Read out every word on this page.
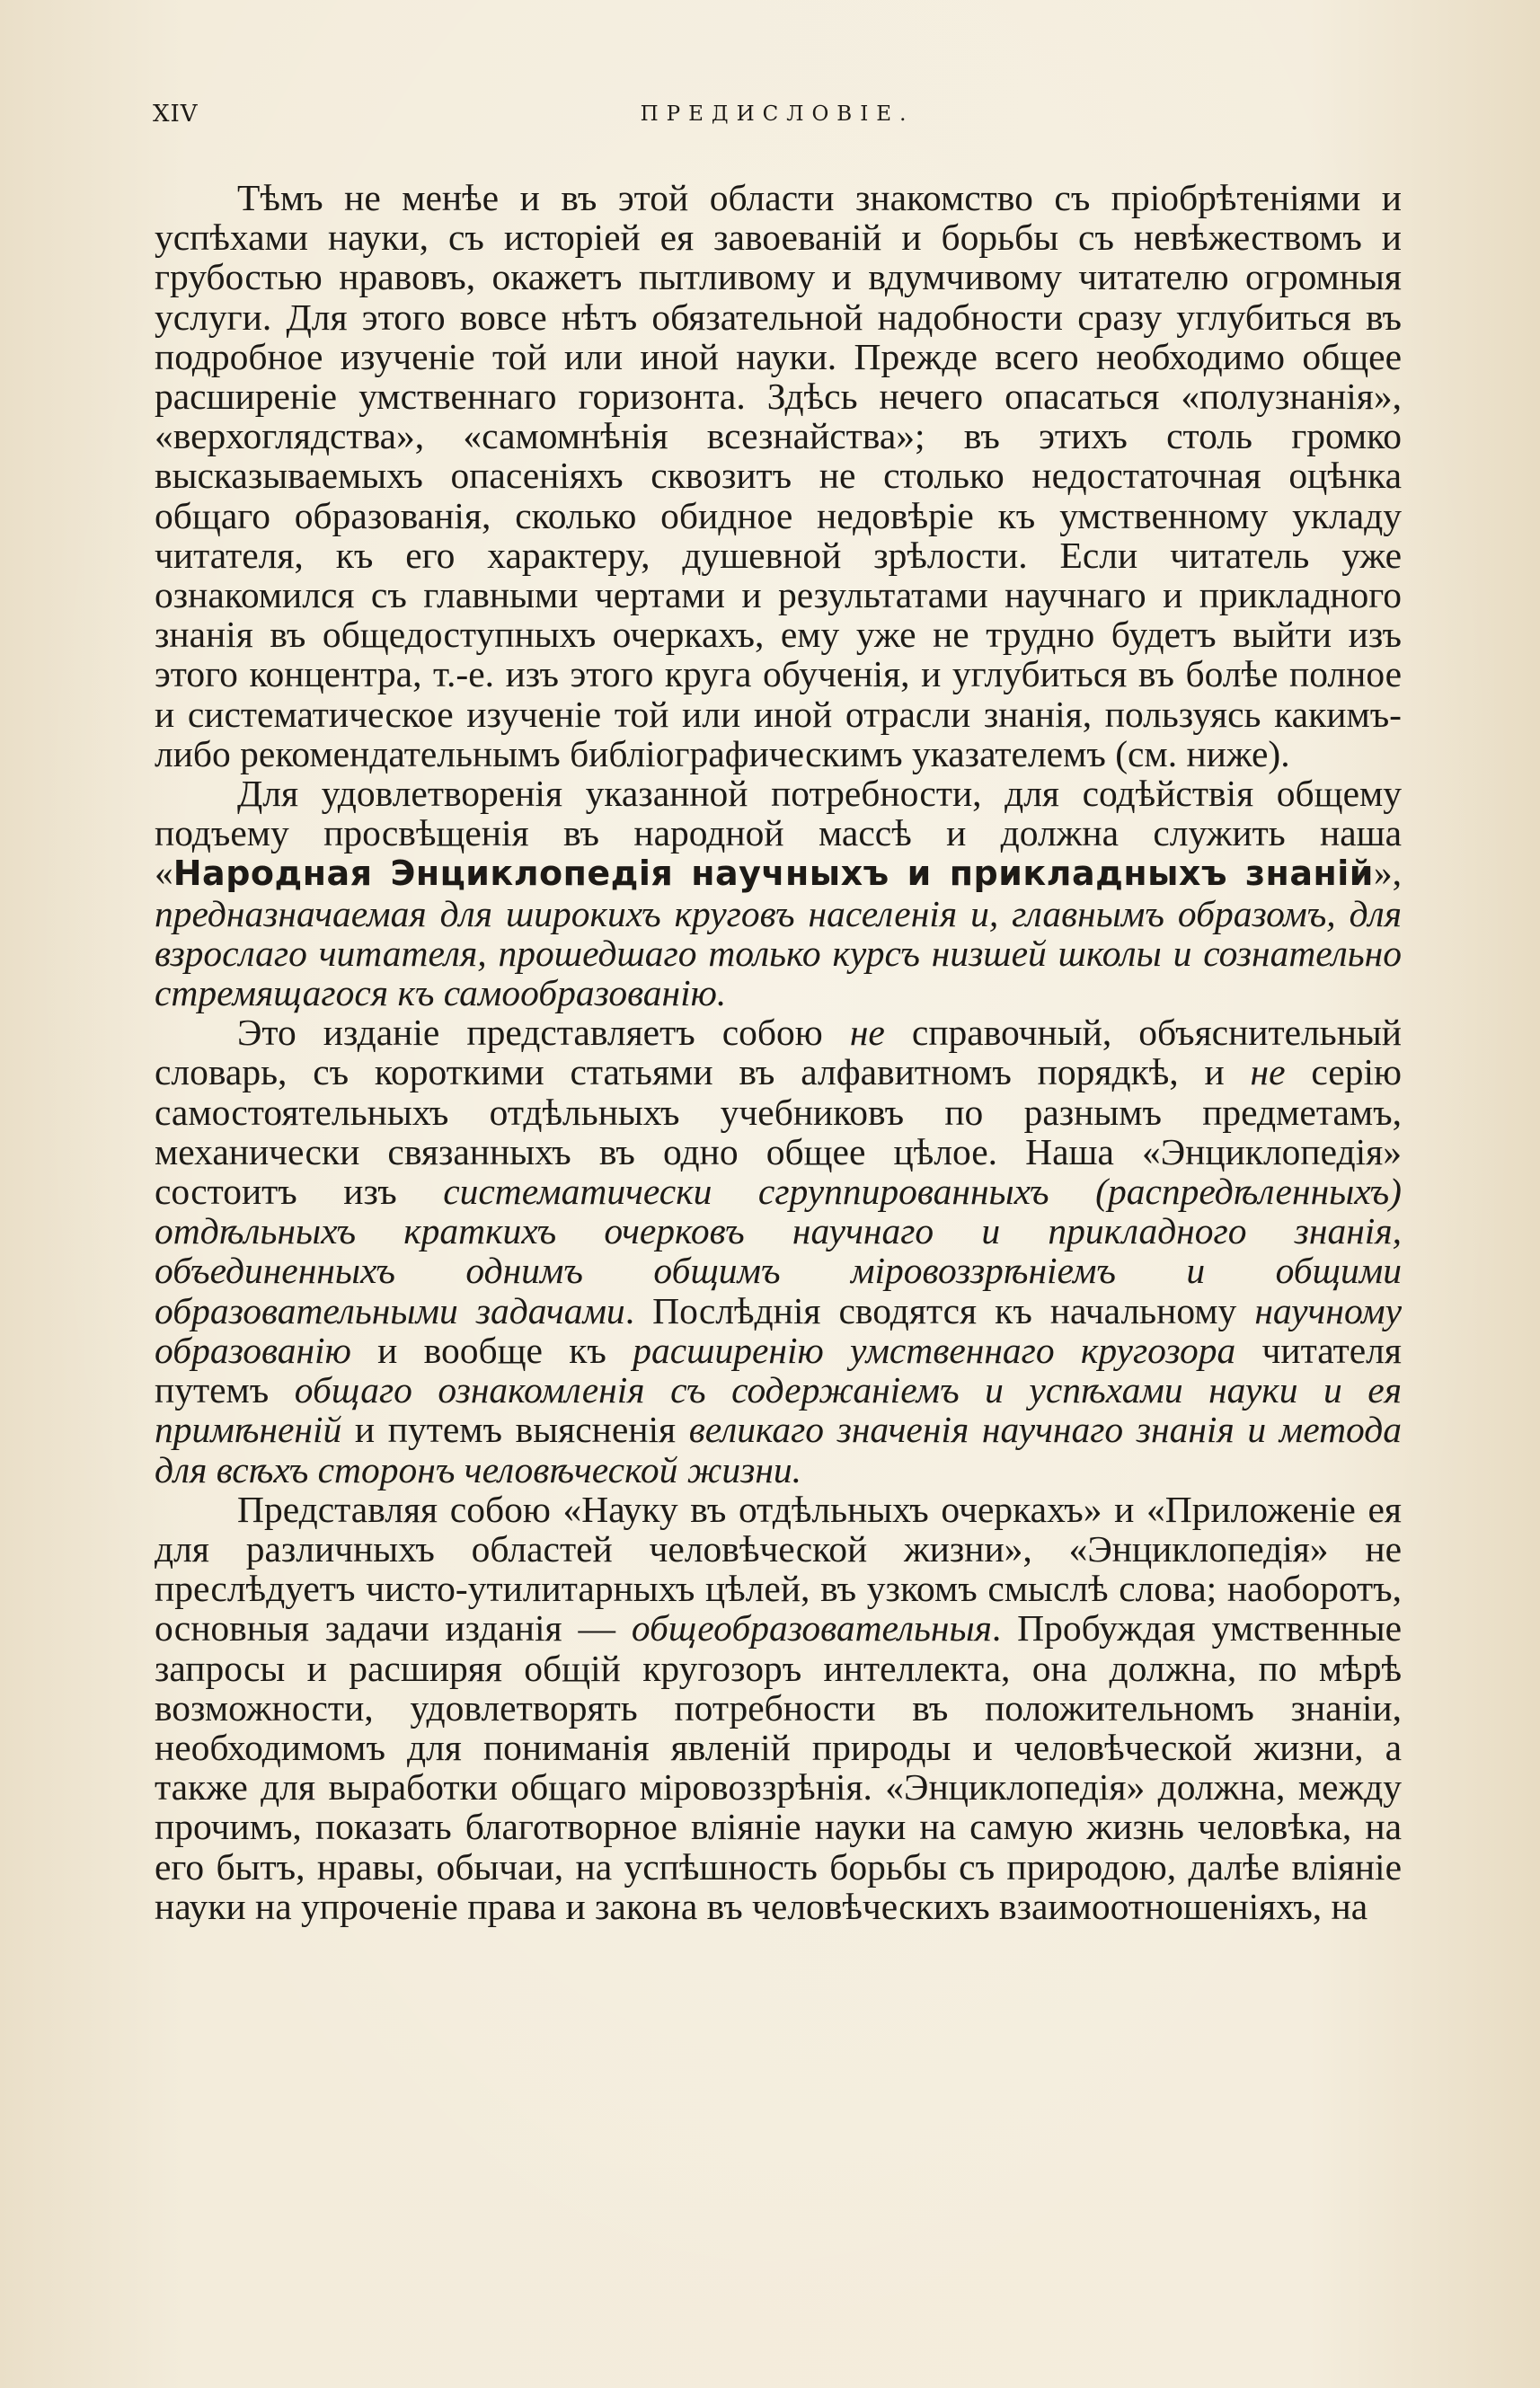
XIV	ПРЕДИСЛОВІЕ.

Тѣмъ не менѣе и въ этой области знакомство съ пріобрѣтеніями и успѣхами науки, съ исторіей ея завоеваній и борьбы съ невѣжествомъ и грубостью нравовъ, окажетъ пытливому и вдумчивому читателю огромныя услуги. Для этого вовсе нѣтъ обязательной надобности сразу углубиться въ подробное изученіе той или иной науки. Прежде всего необходимо общее расширеніе умственнаго горизонта. Здѣсь нечего опасаться «полузнанія», «верхоглядства», «самомнѣнія всезнайства»; въ этихъ столь громко высказываемыхъ опасеніяхъ сквозитъ не столько недостаточная оцѣнка общаго образованія, сколько обидное недовѣріе къ умственному укладу читателя, къ его характеру, душевной зрѣлости. Если читатель уже ознакомился съ главными чертами и результатами научнаго и прикладного знанія въ общедоступныхъ очеркахъ, ему уже не трудно будетъ выйти изъ этого концентра, т.-е. изъ этого круга обученія, и углубиться въ болѣе полное и систематическое изученіе той или иной отрасли знанія, пользуясь какимъ-либо рекомендательнымъ библіографическимъ указателемъ (см. ниже).

Для удовлетворенія указанной потребности, для содѣйствія общему подъему просвѣщенія въ народной массѣ и должна служить наша «Народная Энциклопедія научныхъ и прикладныхъ знаній», предназначаемая для широкихъ круговъ населенія и, главнымъ образомъ, для взрослаго читателя, прошедшаго только курсъ низшей школы и сознательно стремящагося къ самообразованію.

Это изданіе представляетъ собою не справочный, объяснительный словарь, съ короткими статьями въ алфавитномъ порядкѣ, и не серію самостоятельныхъ отдѣльныхъ учебниковъ по разнымъ предметамъ, механически связанныхъ въ одно общее цѣлое. Наша «Энциклопедія» состоитъ изъ систематически сгруппированныхъ (распредѣленныхъ) отдѣльныхъ краткихъ очерковъ научнаго и прикладного знанія, объединенныхъ однимъ общимъ міровоззрѣніемъ и общими образовательными задачами. Послѣднія сводятся къ начальному научному образованію и вообще къ расширенію умственнаго кругозора читателя путемъ общаго ознакомленія съ содержаніемъ и успѣхами науки и ея примѣненій и путемъ выясненія великаго значенія научнаго знанія и метода для всѣхъ сторонъ человѣческой жизни.

Представляя собою «Науку въ отдѣльныхъ очеркахъ» и «Приложеніе ея для различныхъ областей человѣческой жизни», «Энциклопедія» не преслѣдуетъ чисто-утилитарныхъ цѣлей, въ узкомъ смыслѣ слова; наоборотъ, основныя задачи изданія — общеобразовательныя. Пробуждая умственные запросы и расширяя общій кругозоръ интеллекта, она должна, по мѣрѣ возможности, удовлетворять потребности въ положительномъ знаніи, необходимомъ для пониманія явленій природы и человѣческой жизни, а также для выработки общаго міровоззрѣнія. «Энциклопедія» должна, между прочимъ, показать благотворное вліяніе науки на самую жизнь человѣка, на его бытъ, нравы, обычаи, на успѣшность борьбы съ природою, далѣе вліяніе науки на упроченіе права и закона въ человѣческихъ взаимоотношеніяхъ, на
